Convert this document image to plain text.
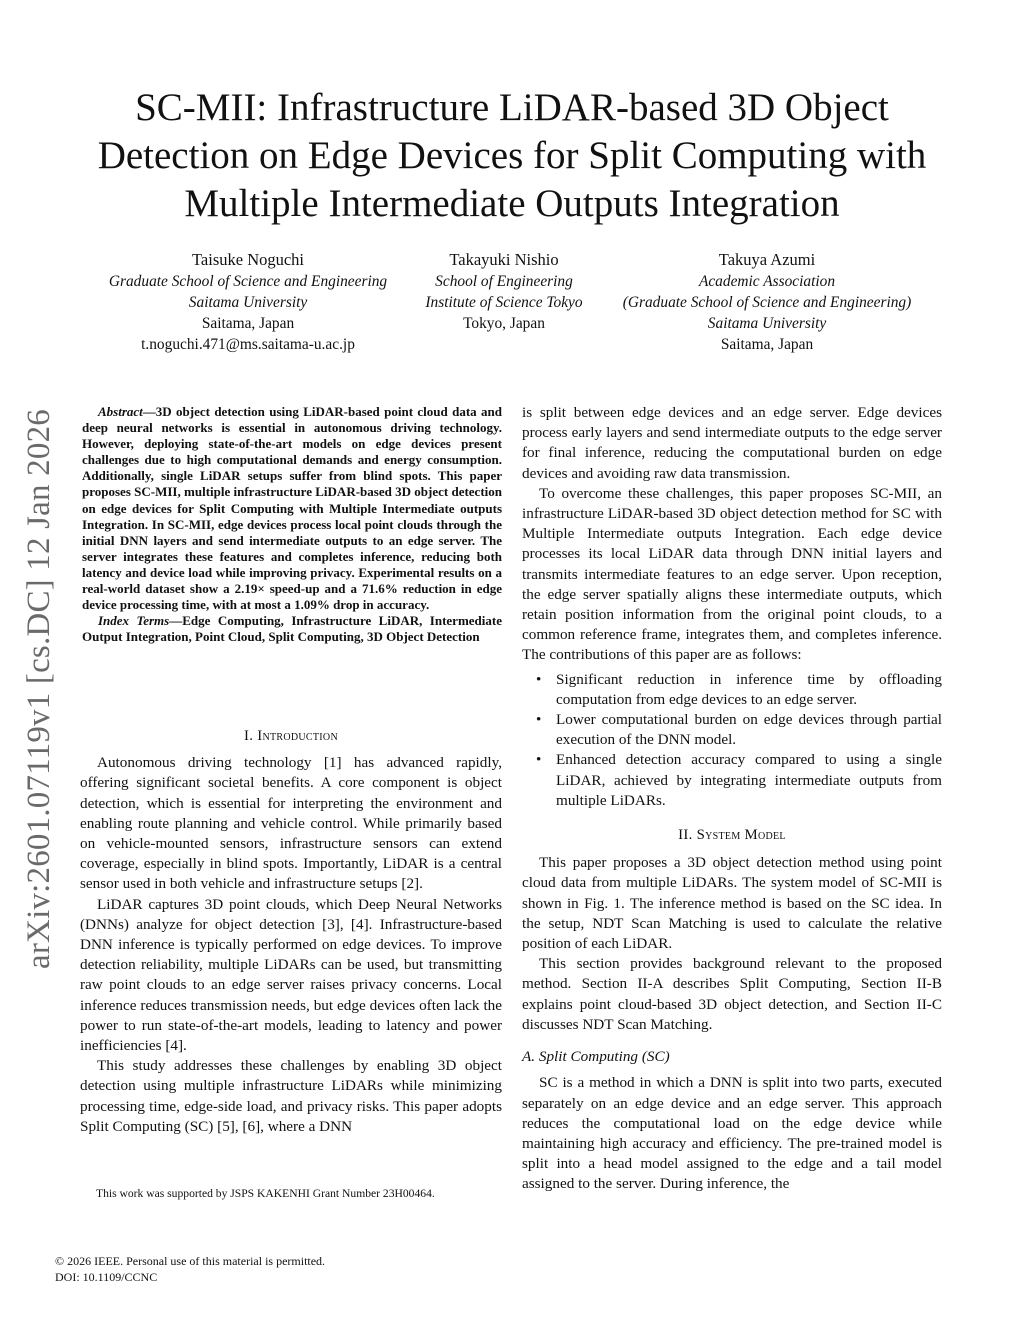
SC-MII: Infrastructure LiDAR-based 3D Object Detection on Edge Devices for Split Computing with Multiple Intermediate Outputs Integration
Taisuke Noguchi
Graduate School of Science and Engineering
Saitama University
Saitama, Japan
t.noguchi.471@ms.saitama-u.ac.jp
Takayuki Nishio
School of Engineering
Institute of Science Tokyo
Tokyo, Japan
Takuya Azumi
Academic Association
(Graduate School of Science and Engineering)
Saitama University
Saitama, Japan
arXiv:2601.07119v1 [cs.DC] 12 Jan 2026	Abstract—3D object detection using LiDAR-based point cloud data and deep neural networks is essential in autonomous driving technology. However, deploying state-of-the-art models on edge devices present challenges due to high computational demands and energy consumption. Additionally, single LiDAR setups suffer from blind spots. This paper proposes SC-MII, multiple infrastructure LiDAR-based 3D object detection on edge devices for Split Computing with Multiple Intermediate outputs Integration. In SC-MII, edge devices process local point clouds through the initial DNN layers and send intermediate outputs to an edge server. The server integrates these features and completes inference, reducing both latency and device load while improving privacy. Experimental results on a real-world dataset show a 2.19× speed-up and a 71.6% reduction in edge device processing time, with at most a 1.09% drop in accuracy.

Index Terms—Edge Computing, Infrastructure LiDAR, Intermediate Output Integration, Point Cloud, Split Computing, 3D Object Detection

I. Introduction

Autonomous driving technology [1] has advanced rapidly, offering significant societal benefits. A core component is object detection, which is essential for interpreting the environment and enabling route planning and vehicle control. While primarily based on vehicle-mounted sensors, infrastructure sensors can extend coverage, especially in blind spots. Importantly, LiDAR is a central sensor used in both vehicle and infrastructure setups [2].

LiDAR captures 3D point clouds, which Deep Neural Networks (DNNs) analyze for object detection [3], [4]. Infrastructure-based DNN inference is typically performed on edge devices. To improve detection reliability, multiple LiDARs can be used, but transmitting raw point clouds to an edge server raises privacy concerns. Local inference reduces transmission needs, but edge devices often lack the power to run state-of-the-art models, leading to latency and power inefficiencies [4].

This study addresses these challenges by enabling 3D object detection using multiple infrastructure LiDARs while minimizing processing time, edge-side load, and privacy risks. This paper adopts Split Computing (SC) [5], [6], where a DNN

This work was supported by JSPS KAKENHI Grant Number 23H00464.

is split between edge devices and an edge server. Edge devices process early layers and send intermediate outputs to the edge server for final inference, reducing the computational burden on edge devices and avoiding raw data transmission.

To overcome these challenges, this paper proposes SC-MII, an infrastructure LiDAR-based 3D object detection method for SC with Multiple Intermediate outputs Integration. Each edge device processes its local LiDAR data through DNN initial layers and transmits intermediate features to an edge server. Upon reception, the edge server spatially aligns these intermediate outputs, which retain position information from the original point clouds, to a common reference frame, integrates them, and completes inference. The contributions of this paper are as follows:

• Significant reduction in inference time by offloading computation from edge devices to an edge server.
• Lower computational burden on edge devices through partial execution of the DNN model.
• Enhanced detection accuracy compared to using a single LiDAR, achieved by integrating intermediate outputs from multiple LiDARs.
II. System Model

This paper proposes a 3D object detection method using point cloud data from multiple LiDARs. The system model of SC-MII is shown in Fig. 1. The inference method is based on the SC idea. In the setup, NDT Scan Matching is used to calculate the relative position of each LiDAR.

This section provides background relevant to the proposed method. Section II-A describes Split Computing, Section II-B explains point cloud-based 3D object detection, and Section II-C discusses NDT Scan Matching.

A. Split Computing (SC)

SC is a method in which a DNN is split into two parts, executed separately on an edge device and an edge server. This approach reduces the computational load on the edge device while maintaining high accuracy and efficiency. The pre-trained model is split into a head model assigned to the edge and a tail model assigned to the server. During inference, the

© 2026 IEEE. Personal use of this material is permitted.
DOI: 10.1109/CCNC
